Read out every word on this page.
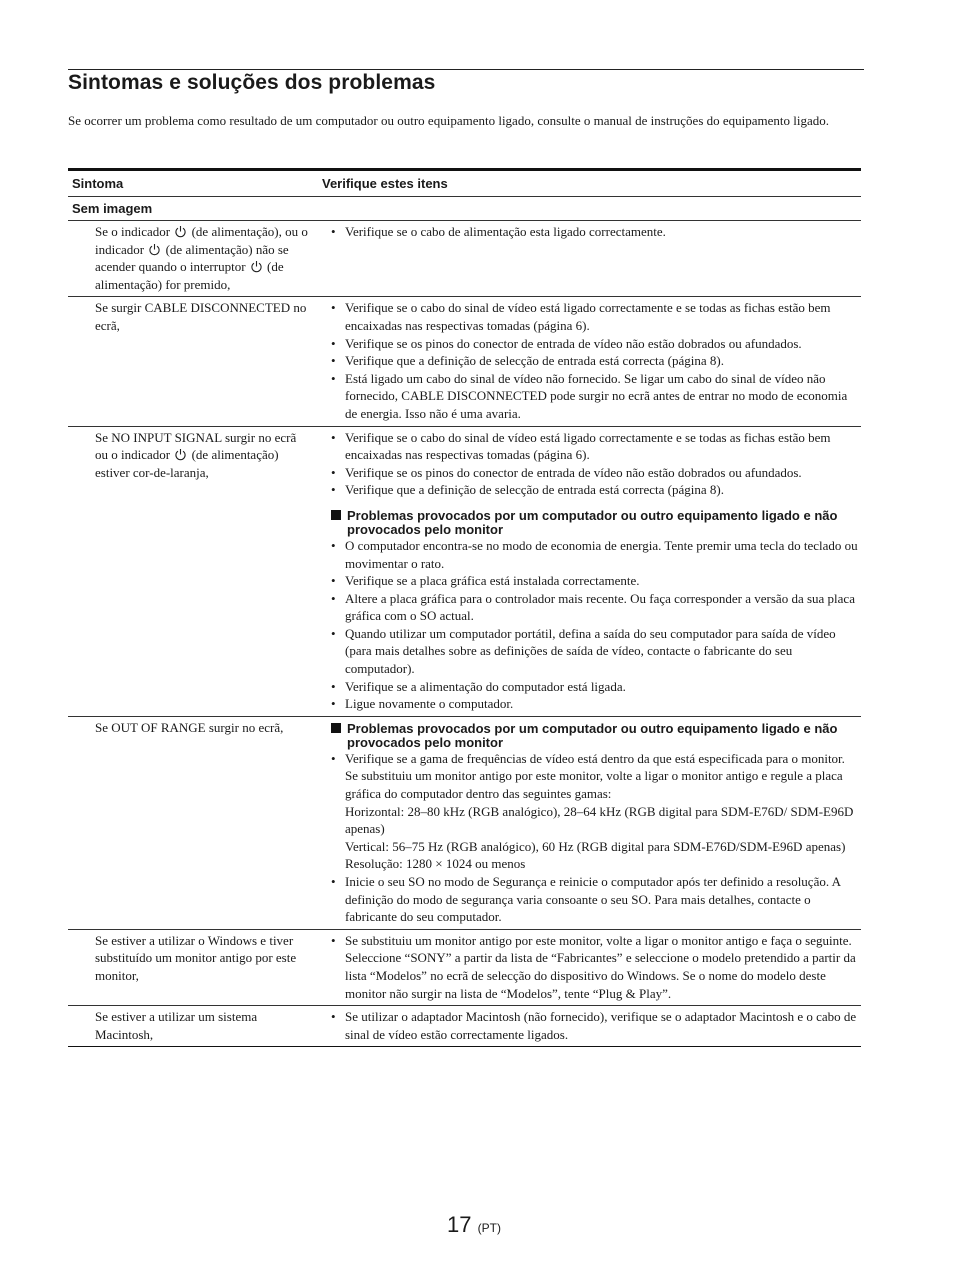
Sintomas e soluções dos problemas

Se ocorrer um problema como resultado de um computador ou outro equipamento ligado, consulte o manual de instruções do equipamento ligado.

Sintoma	Verifique estes itens
Sem imagem
Se o indicador (de alimentação), ou o indicador (de alimentação) não se acender quando o interruptor (de alimentação) for premido,
• Verifique se o cabo de alimentação esta ligado correctamente.
Se surgir CABLE DISCONNECTED no ecrã,
• Verifique se o cabo do sinal de vídeo está ligado correctamente e se todas as fichas estão bem encaixadas nas respectivas tomadas (página 6).
• Verifique se os pinos do conector de entrada de vídeo não estão dobrados ou afundados.
• Verifique que a definição de selecção de entrada está correcta (página 8).
• Está ligado um cabo do sinal de vídeo não fornecido. Se ligar um cabo do sinal de vídeo não fornecido, CABLE DISCONNECTED pode surgir no ecrã antes de entrar no modo de economia de energia. Isso não é uma avaria.
Se NO INPUT SIGNAL surgir no ecrã ou o indicador (de alimentação) estiver cor-de-laranja,
• Verifique se o cabo do sinal de vídeo está ligado correctamente e se todas as fichas estão bem encaixadas nas respectivas tomadas (página 6).
• Verifique se os pinos do conector de entrada de vídeo não estão dobrados ou afundados.
• Verifique que a definição de selecção de entrada está correcta (página 8).
Problemas provocados por um computador ou outro equipamento ligado e não provocados pelo monitor
• O computador encontra-se no modo de economia de energia. Tente premir uma tecla do teclado ou movimentar o rato.
• Verifique se a placa gráfica está instalada correctamente.
• Altere a placa gráfica para o controlador mais recente. Ou faça corresponder a versão da sua placa gráfica com o SO actual.
• Quando utilizar um computador portátil, defina a saída do seu computador para saída de vídeo (para mais detalhes sobre as definições de saída de vídeo, contacte o fabricante do seu computador).
• Verifique se a alimentação do computador está ligada.
• Ligue novamente o computador.
Se OUT OF RANGE surgir no ecrã,	Problemas provocados por um computador ou outro equipamento ligado e não provocados pelo monitor
• Verifique se a gama de frequências de vídeo está dentro da que está especificada para o monitor. Se substituiu um monitor antigo por este monitor, volte a ligar o monitor antigo e regule a placa gráfica do computador dentro das seguintes gamas:
Horizontal: 28–80 kHz (RGB analógico), 28–64 kHz (RGB digital para SDM-E76D/ SDM-E96D apenas)
Vertical: 56–75 Hz (RGB analógico), 60 Hz (RGB digital para SDM-E76D/SDM-E96D apenas)
Resolução: 1280 × 1024 ou menos
• Inicie o seu SO no modo de Segurança e reinicie o computador após ter definido a resolução. A definição do modo de segurança varia consoante o seu SO. Para mais detalhes, contacte o fabricante do seu computador.
Se estiver a utilizar o Windows e tiver substituído um monitor antigo por este monitor,
• Se substituiu um monitor antigo por este monitor, volte a ligar o monitor antigo e faça o seguinte. Seleccione “SONY” a partir da lista de “Fabricantes” e seleccione o modelo pretendido a partir da lista “Modelos” no ecrã de selecção do dispositivo do Windows. Se o nome do modelo deste monitor não surgir na lista de “Modelos”, tente “Plug & Play”.
Se estiver a utilizar um sistema Macintosh,
• Se utilizar o adaptador Macintosh (não fornecido), verifique se o adaptador Macintosh e o cabo de sinal de vídeo estão correctamente ligados.
17 (PT)
